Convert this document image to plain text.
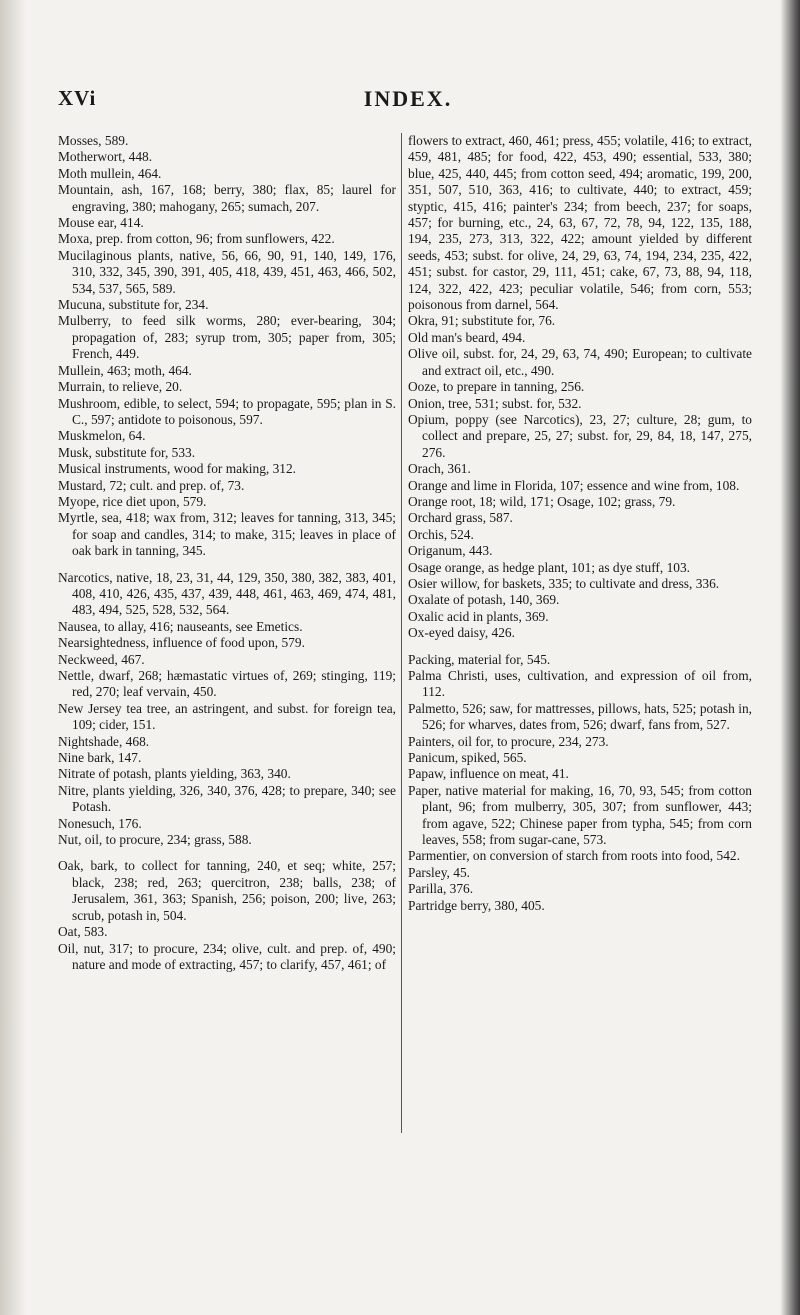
XVi	INDEX.
Mosses, 589.
Motherwort, 448.
Moth mullein, 464.
Mountain, ash, 167, 168; berry, 380; flax, 85; laurel for engraving, 380; mahogany, 265; sumach, 207.
Mouse ear, 414.
Moxa, prep. from cotton, 96; from sunflowers, 422.
Mucilaginous plants, native, 56, 66, 90, 91, 140, 149, 176, 310, 332, 345, 390, 391, 405, 418, 439, 451, 463, 466, 502, 534, 537, 565, 589.
Mucuna, substitute for, 234.
Mulberry, to feed silk worms, 280; ever-bearing, 304; propagation of, 283; syrup trom, 305; paper from, 305; French, 449.
Mullein, 463; moth, 464.
Murrain, to relieve, 20.
Mushroom, edible, to select, 594; to propagate, 595; plan in S. C., 597; antidote to poisonous, 597.
Muskmelon, 64.
Musk, substitute for, 533.
Musical instruments, wood for making, 312.
Mustard, 72; cult. and prep. of, 73.
Myope, rice diet upon, 579.
Myrtle, sea, 418; wax from, 312; leaves for tanning, 313, 345; for soap and candles, 314; to make, 315; leaves in place of oak bark in tanning, 345.
Narcotics, native, 18, 23, 31, 44, 129, 350, 380, 382, 383, 401, 408, 410, 426, 435, 437, 439, 448, 461, 463, 469, 474, 481, 483, 494, 525, 528, 532, 564.
Nausea, to allay, 416; nauseants, see Emetics.
Nearsightedness, influence of food upon, 579.
Neckweed, 467.
Nettle, dwarf, 268; hæmastatic virtues of, 269; stinging, 119; red, 270; leaf vervain, 450.
New Jersey tea tree, an astringent, and subst. for foreign tea, 109; cider, 151.
Nightshade, 468.
Nine bark, 147.
Nitrate of potash, plants yielding, 363, 340.
Nitre, plants yielding, 326, 340, 376, 428; to prepare, 340; see Potash.
Nonesuch, 176.
Nut, oil, to procure, 234; grass, 588.
Oak, bark, to collect for tanning, 240, et seq; white, 257; black, 238; red, 263; quercitron, 238; balls, 238; of Jerusalem, 361, 363; Spanish, 256; poison, 200; live, 263; scrub, potash in, 504.
Oat, 583.
Oil, nut, 317; to procure, 234; olive, cult. and prep. of, 490; nature and mode of extracting, 457; to clarify, 457, 461; of
flowers to extract, 460, 461; press, 455; volatile, 416; to extract, 459, 481, 485; for food, 422, 453, 490; essential, 533, 380; blue, 425, 440, 445; from cotton seed, 494; aromatic, 199, 200, 351, 507, 510, 363, 416; to cultivate, 440; to extract, 459; styptic, 415, 416; painter's 234; from beech, 237; for soaps, 457; for burning, etc., 24, 63, 67, 72, 78, 94, 122, 135, 188, 194, 235, 273, 313, 322, 422; amount yielded by different seeds, 453; subst. for olive, 24, 29, 63, 74, 194, 234, 235, 422, 451; subst. for castor, 29, 111, 451; cake, 67, 73, 88, 94, 118, 124, 322, 422, 423; peculiar volatile, 546; from corn, 553; poisonous from darnel, 564.
Okra, 91; substitute for, 76.
Old man's beard, 494.
Olive oil, subst. for, 24, 29, 63, 74, 490; European; to cultivate and extract oil, etc., 490.
Ooze, to prepare in tanning, 256.
Onion, tree, 531; subst. for, 532.
Opium, poppy (see Narcotics), 23, 27; culture, 28; gum, to collect and prepare, 25, 27; subst. for, 29, 84, 18, 147, 275, 276.
Orach, 361.
Orange and lime in Florida, 107; essence and wine from, 108.
Orange root, 18; wild, 171; Osage, 102; grass, 79.
Orchard grass, 587.
Orchis, 524.
Origanum, 443.
Osage orange, as hedge plant, 101; as dye stuff, 103.
Osier willow, for baskets, 335; to cultivate and dress, 336.
Oxalate of potash, 140, 369.
Oxalic acid in plants, 369.
Ox-eyed daisy, 426.
Packing, material for, 545.
Palma Christi, uses, cultivation, and expression of oil from, 112.
Palmetto, 526; saw, for mattresses, pillows, hats, 525; potash in, 526; for wharves, dates from, 526; dwarf, fans from, 527.
Painters, oil for, to procure, 234, 273.
Panicum, spiked, 565.
Papaw, influence on meat, 41.
Paper, native material for making, 16, 70, 93, 545; from cotton plant, 96; from mulberry, 305, 307; from sunflower, 443; from agave, 522; Chinese paper from typha, 545; from corn leaves, 558; from sugar-cane, 573.
Parmentier, on conversion of starch from roots into food, 542.
Parsley, 45.
Parilla, 376.
Partridge berry, 380, 405.
